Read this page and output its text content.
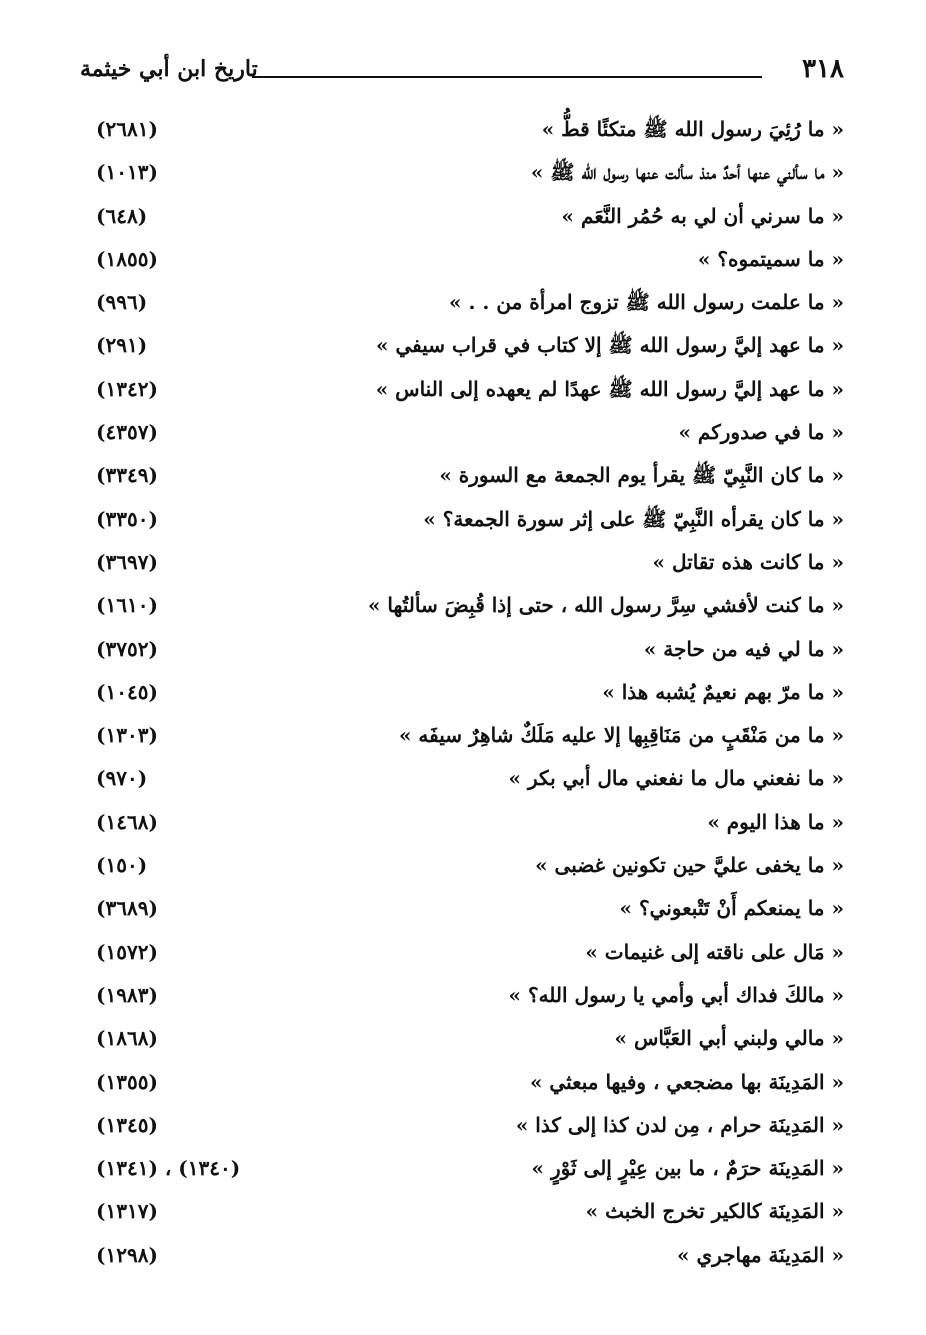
٣١٨
تاريخ ابن أبي خيثمة
« ما رُئِيَ رسول الله ﷺ متكئًا قطُّ »
(٢٦٨١)
« ما سألني عنها أحدٌ منذ سألت عنها رسول الله ﷺ »
(١٠١٣)
« ما سرني أن لي به حُمُر النَّعَم »
(٦٤٨)
« ما سميتموه؟ »
(١٨٥٥)
« ما علمت رسول الله ﷺ تزوج امرأة من . . »
(٩٩٦)
« ما عهد إليَّ رسول الله ﷺ إلا كتاب في قراب سيفي »
(٢٩١)
« ما عهد إليَّ رسول الله ﷺ عهدًا لم يعهده إلى الناس »
(١٣٤٢)
« ما في صدوركم »
(٤٣٥٧)
« ما كان النَّبِيّ ﷺ يقرأ يوم الجمعة مع السورة »
(٣٣٤٩)
« ما كان يقرأه النَّبِيّ ﷺ على إثر سورة الجمعة؟ »
(٣٣٥٠)
« ما كانت هذه تقاتل »
(٣٦٩٧)
« ما كنت لأفشي سِرَّ رسول الله ، حتى إذا قُبِضَ سألتُها »
(١٦١٠)
« ما لي فيه من حاجة »
(٣٧٥٢)
« ما مرّ بهم نعيمٌ يُشبه هذا »
(١٠٤٥)
« ما من مَنْقَبٍ من مَنَاقِبِها إلا عليه مَلَكٌ شاهِرٌ سيفَه »
(١٣٠٣)
« ما نفعني مال ما نفعني مال أبي بكر »
(٩٧٠)
« ما هذا اليوم »
(١٤٦٨)
« ما يخفى عليَّ حين تكونين غضبى »
(١٥٠)
« ما يمنعكم أَنْ تَتْبعوني؟ »
(٣٦٨٩)
« مَال على ناقته إلى غنيمات »
(١٥٧٢)
« مالكَ فداك أبي وأمي يا رسول الله؟ »
(١٩٨٣)
« مالي ولبني أبي العَبَّاس »
(١٨٦٨)
« المَدِينَة بها مضجعي ، وفيها مبعثي »
(١٣٥٥)
« المَدِينَة حرام ، مِن لدن كذا إلى كذا »
(١٣٤٥)
« المَدِينَة حرَمٌ ، ما بين عِيْرٍ إلى ثَوْرٍ »
(١٣٤٠) ، (١٣٤١)
« المَدِينَة كالكير تخرج الخبث »
(١٣١٧)
« المَدِينَة مهاجري »
(١٢٩٨)
